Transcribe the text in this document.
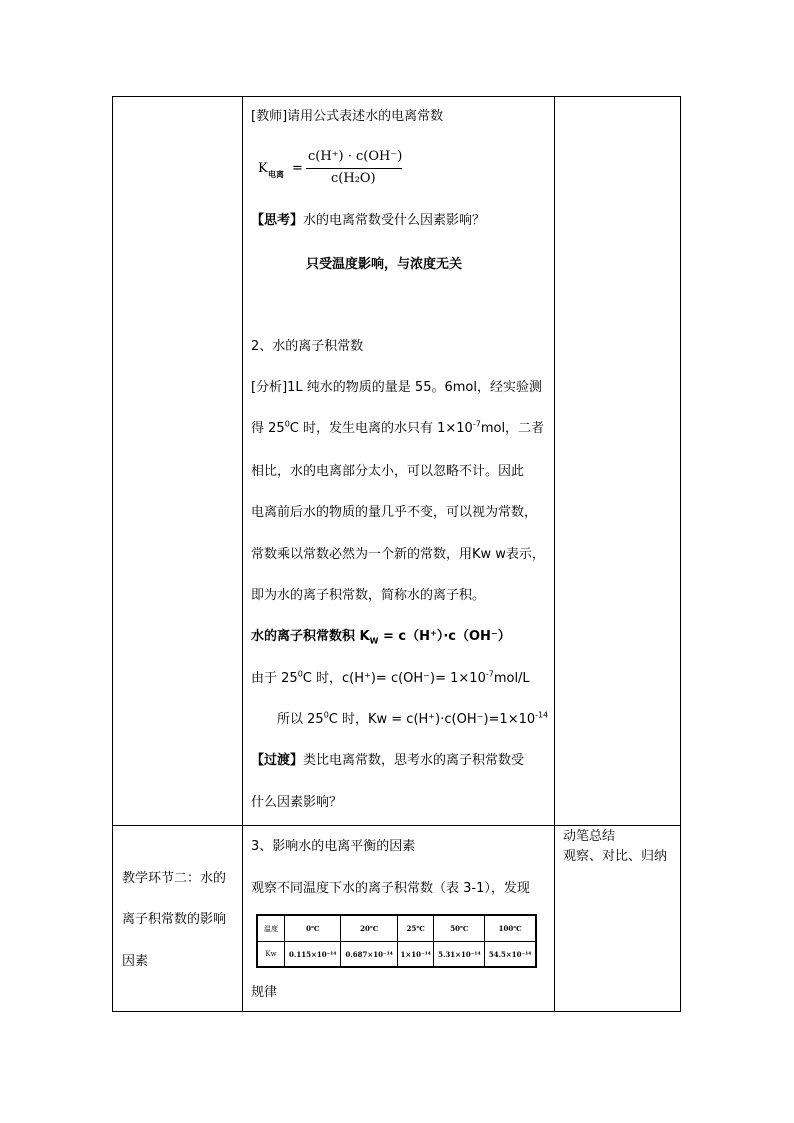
[教师]请用公式表述水的电离常数
K 电离 =
c(H⁺) · c(OH⁻)
c(H₂O)
【思考】水的电离常数受什么因素影响？
只受温度影响，与浓度无关
2、水的离子积常数
[分析]1L 纯水的物质的量是 55。6mol，经实验测
得 $25^0C$ 时，发生电离的水只有 $1\times 10^{-7}mol$，二者
相比，水的电离部分太小，可以忽略不计。因此
电离前后水的物质的量几乎不变，可以视为常数，
常数乘以常数必然为一个新的常数，用Kw w表示，
即为水的离子积常数，简称水的离子积。
水的离子积常数积 $K_W = c(H^+)\cdot c(OH^-)$
由于 $25^0C$ 时，$c(H^+)= c(OH^-)= 1\times 10^{-7}mol/L$
所以 $25^0C$ 时，$Kw = c(H^+)\cdot c(OH^-)=1\times 10^{-14}$
【过渡】类比电离常数，思考水的离子积常数受
什么因素影响？
教学环节二：水的
离子积常数的影响
因素
3、影响水的电离平衡的因素
观察不同温度下水的离子积常数（表 3-1），发现
温度	0℃	20℃	25℃	50℃	100℃
Kw	0.115×10⁻¹⁴	0.687×10⁻¹⁴	1×10⁻¹⁴	5.31×10⁻¹⁴	54.5×10⁻¹⁴
规律
动笔总结
观察、对比、归纳
